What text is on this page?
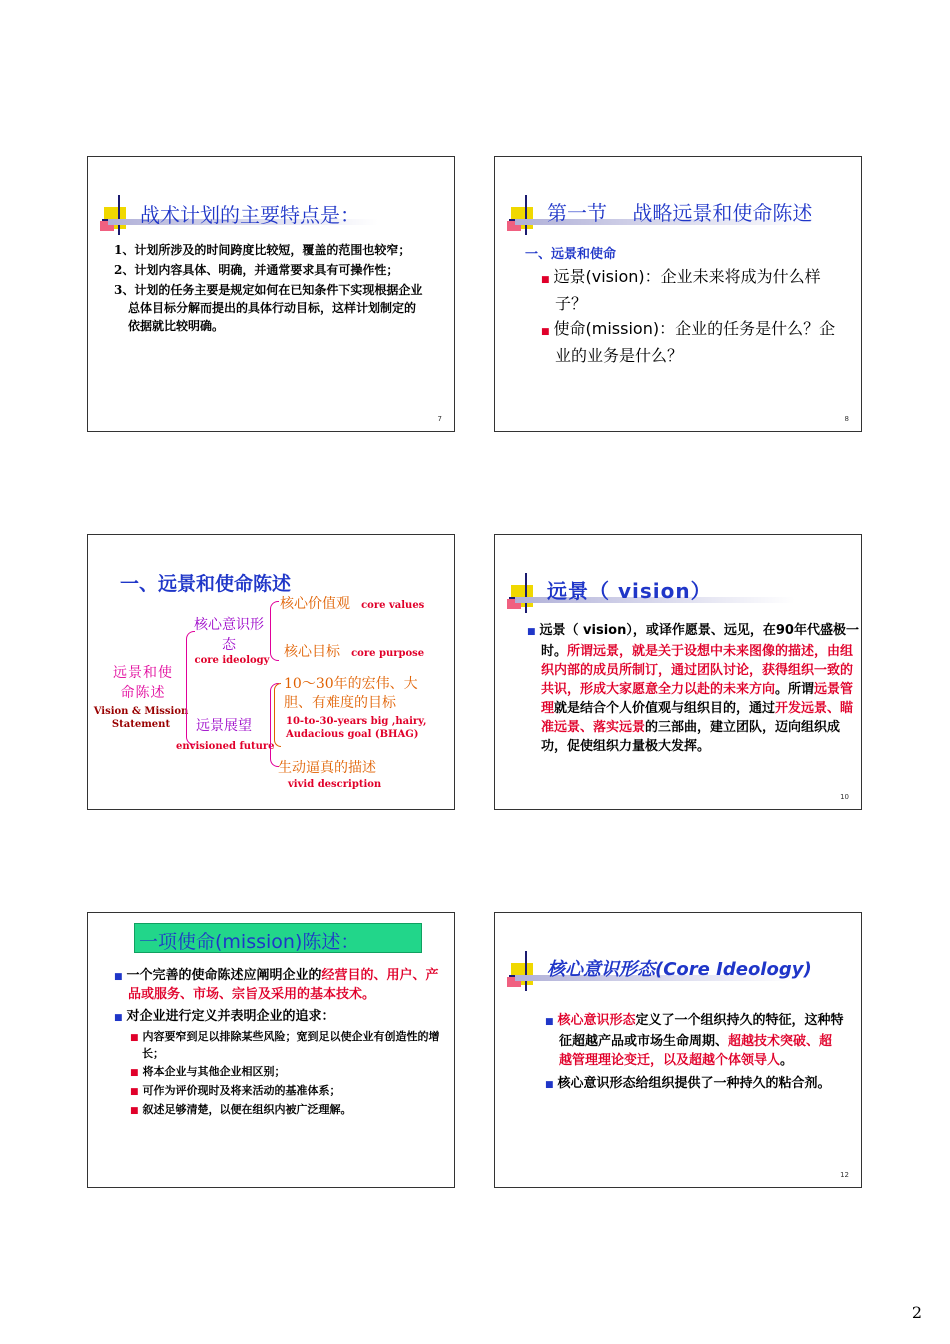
战术计划的主要特点是：
1、计划所涉及的时间跨度比较短，覆盖的范围也较窄；
2、计划内容具体、明确，并通常要求具有可操作性；
3、计划的任务主要是规定如何在已知条件下实现根据企业总体目标分解而提出的具体行动目标，这样计划制定的依据就比较明确。
7
第一节    战略远景和使命陈述
一、远景和使命
■ 远景(vision)：企业未来将成为什么样子？
■ 使命(mission)：企业的任务是什么？企业的业务是什么？
8
一、远景和使命陈述
远景和使命陈述
Vision & Mission Statement
核心意识形态
core ideology
远景展望
envisioned future
核心价值观 core values
核心目标 core purpose
10～30年的宏伟、大胆、有难度的目标
10-to-30-years big ,hairy, Audacious goal (BHAG)
生动逼真的描述
vivid description
远景（ vision）
■ 远景（ vision），或译作愿景、远见，在90年代盛极一时。所谓远景，就是关于设想中未来图像的描述，由组织内部的成员所制订，通过团队讨论，获得组织一致的共识，形成大家愿意全力以赴的未来方向。所谓远景管理就是结合个人价值观与组织目的，通过开发远景、瞄准远景、落实远景的三部曲，建立团队，迈向组织成功，促使组织力量极大发挥。
10
一项使命(mission)陈述：
■ 一个完善的使命陈述应阐明企业的经营目的、用户、产品或服务、市场、宗旨及采用的基本技术。
■ 对企业进行定义并表明企业的追求：
■ 内容要窄到足以排除某些风险；宽到足以使企业有创造性的增长；
■ 将本企业与其他企业相区别；
■ 可作为评价现时及将来活动的基准体系；
■ 叙述足够清楚，以便在组织内被广泛理解。
核心意识形态(Core Ideology)
■ 核心意识形态定义了一个组织持久的特征，这种特征超越产品或市场生命周期、超越技术突破、超越管理理论变迁，以及超越个体领导人。
■ 核心意识形态给组织提供了一种持久的粘合剂。
12
2
